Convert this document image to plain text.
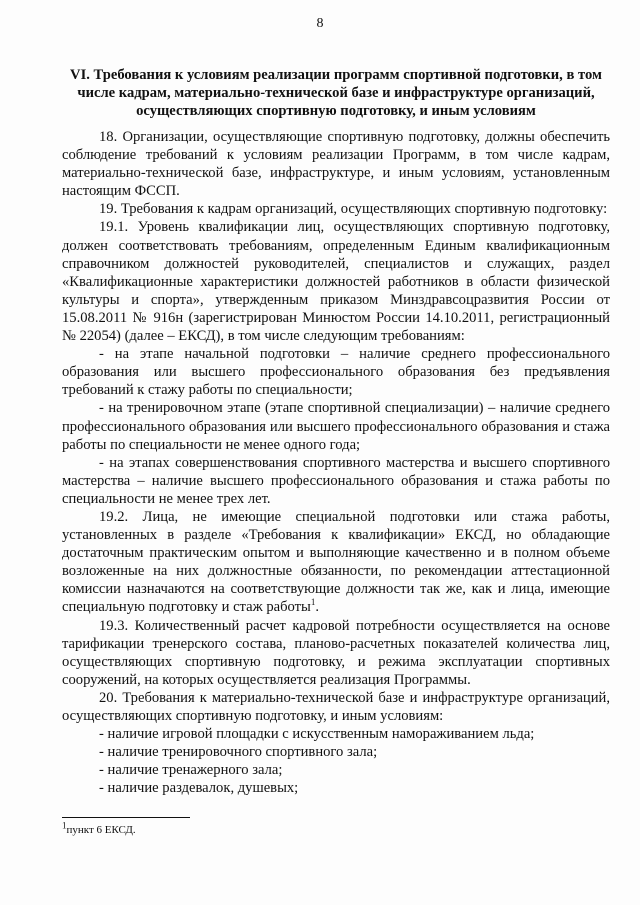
8
VI. Требования к условиям реализации программ спортивной подготовки, в том числе кадрам, материально-технической базе и инфраструктуре организаций, осуществляющих спортивную подготовку, и иным условиям

18. Организации, осуществляющие спортивную подготовку, должны обеспечить соблюдение требований к условиям реализации Программ, в том числе кадрам, материально-технической базе, инфраструктуре, и иным условиям, установленным настоящим ФССП.

19. Требования к кадрам организаций, осуществляющих спортивную подготовку:

19.1. Уровень квалификации лиц, осуществляющих спортивную подготовку, должен соответствовать требованиям, определенным Единым квалификационным справочником должностей руководителей, специалистов и служащих, раздел «Квалификационные характеристики должностей работников в области физической культуры и спорта», утвержденным приказом Минздравсоцразвития России от 15.08.2011 № 916н (зарегистрирован Минюстом России 14.10.2011, регистрационный № 22054) (далее – ЕКСД), в том числе следующим требованиям:

- на этапе начальной подготовки – наличие среднего профессионального образования или высшего профессионального образования без предъявления требований к стажу работы по специальности;

- на тренировочном этапе (этапе спортивной специализации) – наличие среднего профессионального образования или высшего профессионального образования и стажа работы по специальности не менее одного года;

- на этапах совершенствования спортивного мастерства и высшего спортивного мастерства – наличие высшего профессионального образования и стажа работы по специальности не менее трех лет.

19.2. Лица, не имеющие специальной подготовки или стажа работы, установленных в разделе «Требования к квалификации» ЕКСД, но обладающие достаточным практическим опытом и выполняющие качественно и в полном объеме возложенные на них должностные обязанности, по рекомендации аттестационной комиссии назначаются на соответствующие должности так же, как и лица, имеющие специальную подготовку и стаж работы$^1$.

19.3. Количественный расчет кадровой потребности осуществляется на основе тарификации тренерского состава, планово-расчетных показателей количества лиц, осуществляющих спортивную подготовку, и режима эксплуатации спортивных сооружений, на которых осуществляется реализация Программы.

20. Требования к материально-технической базе и инфраструктуре организаций, осуществляющих спортивную подготовку, и иным условиям:

- наличие игровой площадки с искусственным намораживанием льда;

- наличие тренировочного спортивного зала;

- наличие тренажерного зала;

- наличие раздевалок, душевых;

$^1$пункт 6 ЕКСД.
